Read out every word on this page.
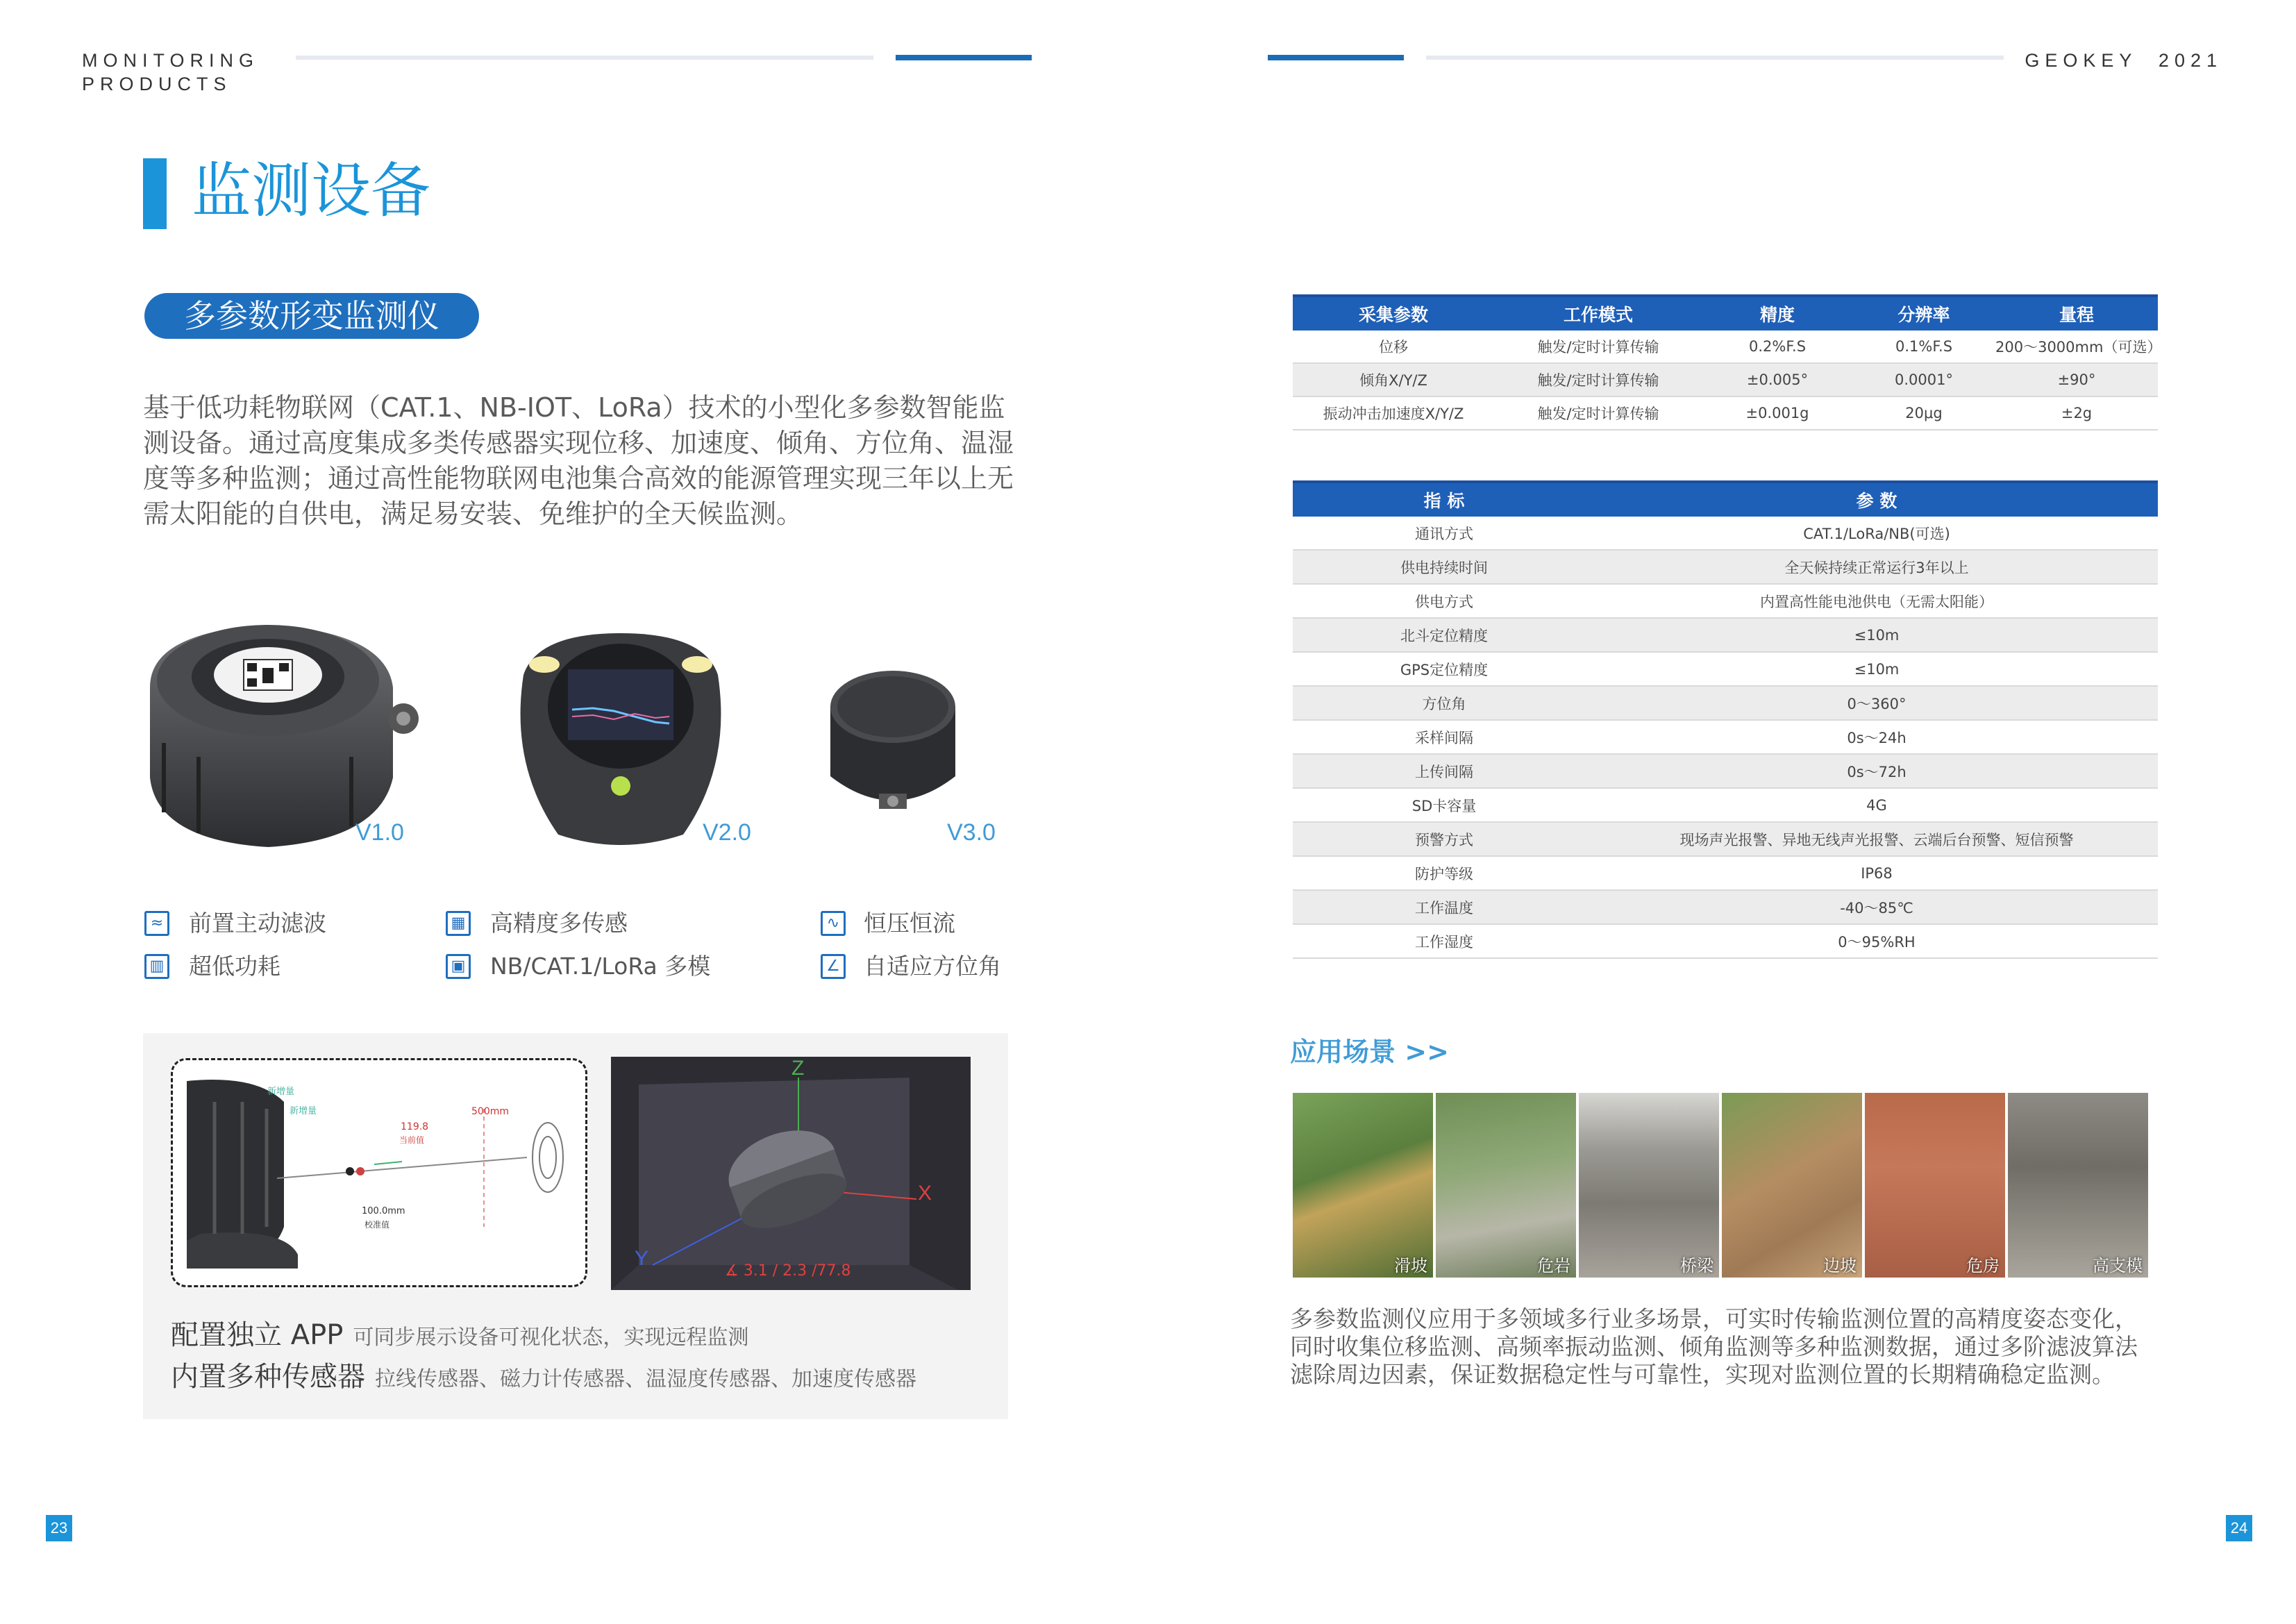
MONITORING
PRODUCTS
GEOKEY  2021
监测设备
多参数形变监测仪
基于低功耗物联网（CAT.1、NB-IOT、LoRa）技术的小型化多参数智能监测设备。通过高度集成多类传感器实现位移、加速度、倾角、方位角、温湿度等多种监测；通过高性能物联网电池集合高效的能源管理实现三年以上无需太阳能的自供电，满足易安装、免维护的全天候监测。
V1.0	V2.0	V3.0
≈ 前置主动滤波	▦ 高精度多传感	∿ 恒压恒流
▥ 超低功耗	▣ NB/CAT.1/LoRa 多模	∠ 自适应方位角
新增量
新增量
119.8
当前值
500mm
100.0mm
校准值
Z
X
Y
∡ 3.1 / 2.3 /77.8
配置独立 APP 可同步展示设备可视化状态，实现远程监测
内置多种传感器 拉线传感器、磁力计传感器、温湿度传感器、加速度传感器
采集参数	工作模式	精度	分辨率	量程
位移	触发/定时计算传输	0.2%F.S	0.1%F.S	200～3000mm（可选）
倾角X/Y/Z	触发/定时计算传输	±0.005°	0.0001°	±90°
振动冲击加速度X/Y/Z	触发/定时计算传输	±0.001g	20μg	±2g
指 标	参 数
通讯方式	CAT.1/LoRa/NB(可选)
供电持续时间	全天候持续正常运行3年以上
供电方式	内置高性能电池供电（无需太阳能）
北斗定位精度	≤10m
GPS定位精度	≤10m
方位角	0～360°
采样间隔	0s～24h
上传间隔	0s～72h
SD卡容量	4G
预警方式	现场声光报警、异地无线声光报警、云端后台预警、短信预警
防护等级	IP68
工作温度	-40～85℃
工作湿度	0～95%RH
应用场景 >>
滑坡	危岩	桥梁	边坡	危房	高支模
多参数监测仪应用于多领域多行业多场景，可实时传输监测位置的高精度姿态变化，同时收集位移监测、高频率振动监测、倾角监测等多种监测数据，通过多阶滤波算法滤除周边因素，保证数据稳定性与可靠性，实现对监测位置的长期精确稳定监测。
23	24
